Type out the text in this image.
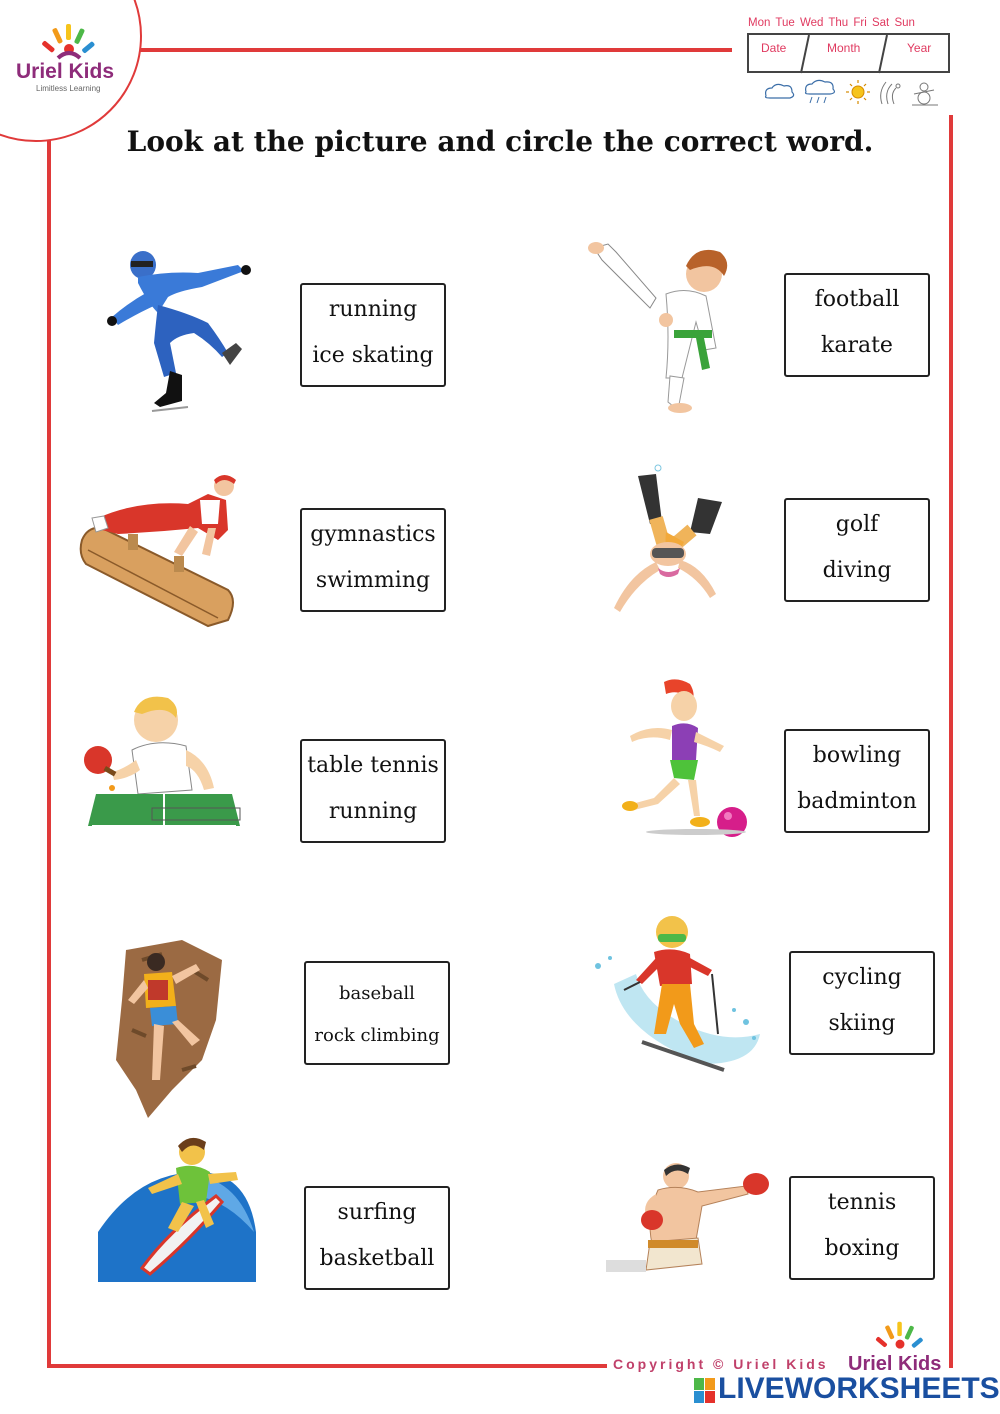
Uriel Kids
Limitless Learning
Mon Tue Wed Thu Fri Sat Sun
Date	Month	Year
Look at the picture and circle the correct word.
running
ice skating
football
karate
gymnastics
swimming
golf
diving
table tennis
running
bowling
badminton
baseball
rock climbing
cycling
skiing
surfing
basketball
tennis
boxing
Copyright © Uriel Kids Uriel Kids
LIVEWORKSHEETS
